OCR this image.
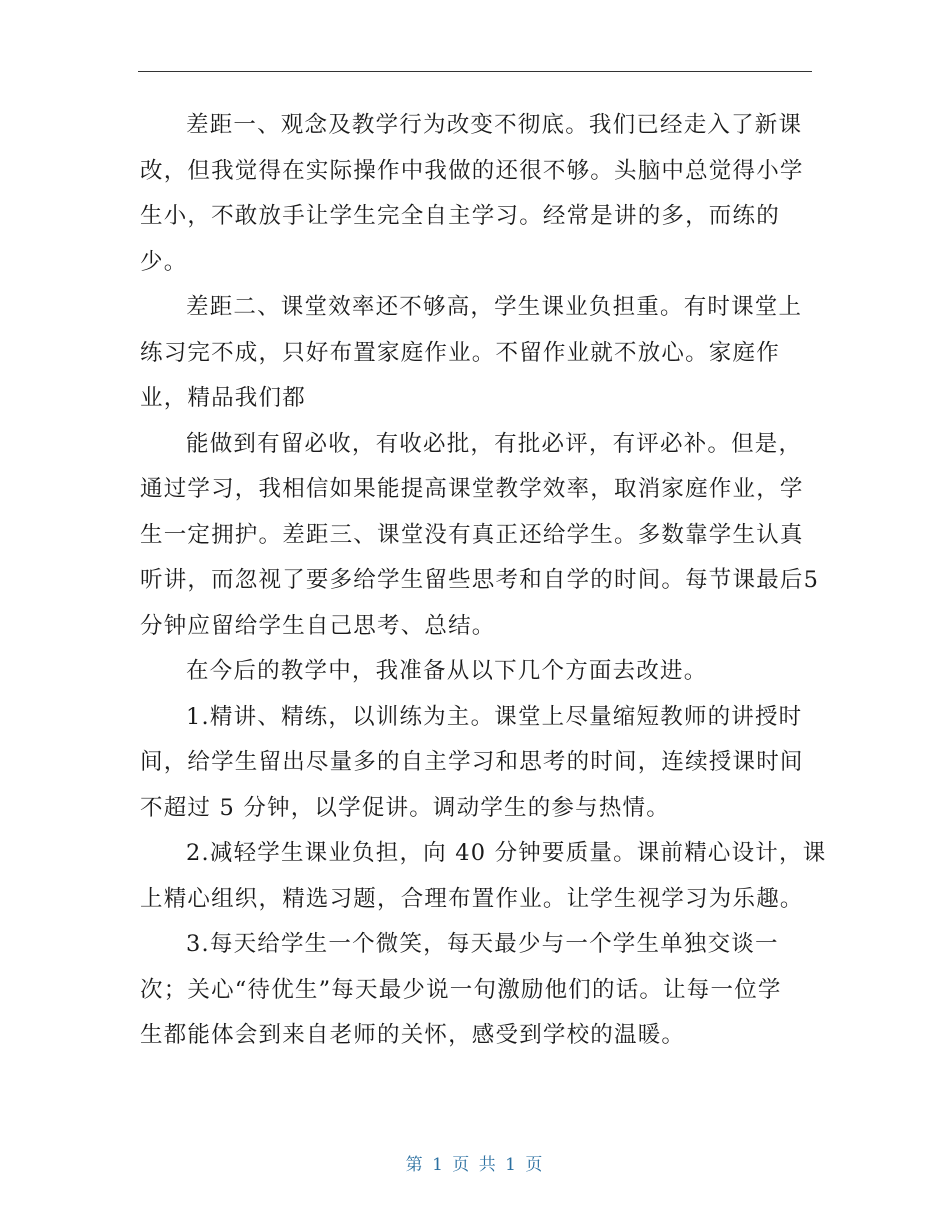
差距一、观念及教学行为改变不彻底。我们已经走入了新课
改，但我觉得在实际操作中我做的还很不够。头脑中总觉得小学
生小，不敢放手让学生完全自主学习。经常是讲的多，而练的
少。
差距二、课堂效率还不够高，学生课业负担重。有时课堂上
练习完不成，只好布置家庭作业。不留作业就不放心。家庭作
业，精品我们都
能做到有留必收，有收必批，有批必评，有评必补。但是，
通过学习，我相信如果能提高课堂教学效率，取消家庭作业，学
生一定拥护。差距三、课堂没有真正还给学生。多数靠学生认真
听讲，而忽视了要多给学生留些思考和自学的时间。每节课最后5
分钟应留给学生自己思考、总结。
在今后的教学中，我准备从以下几个方面去改进。
1.精讲、精练，以训练为主。课堂上尽量缩短教师的讲授时
间，给学生留出尽量多的自主学习和思考的时间，连续授课时间
不超过 5 分钟，以学促讲。调动学生的参与热情。
2.减轻学生课业负担，向 40 分钟要质量。课前精心设计，课
上精心组织，精选习题，合理布置作业。让学生视学习为乐趣。
3.每天给学生一个微笑，每天最少与一个学生单独交谈一
次；关心“待优生”每天最少说一句激励他们的话。让每一位学
生都能体会到来自老师的关怀，感受到学校的温暖。
第 1 页 共 1 页
